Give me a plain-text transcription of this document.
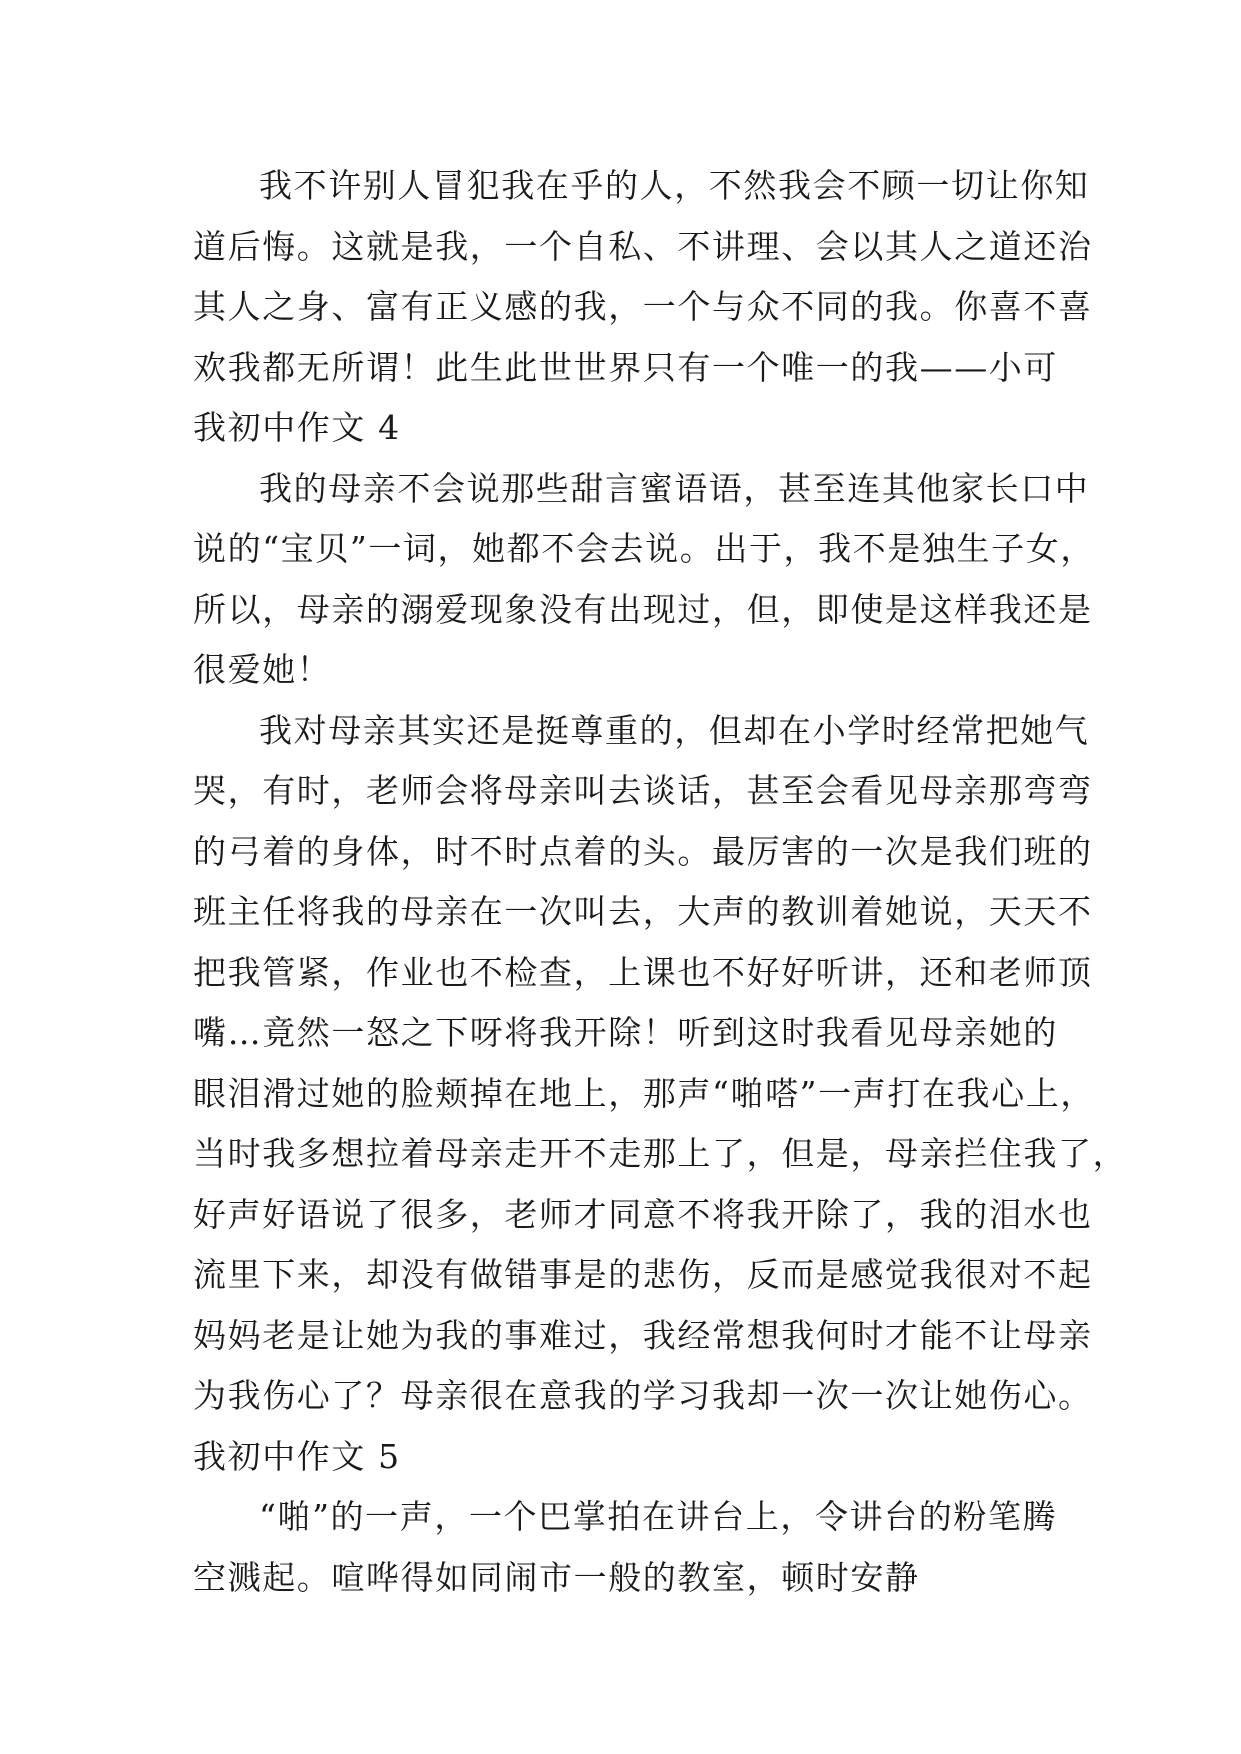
我不许别人冒犯我在乎的人，不然我会不顾一切让你知
道后悔。这就是我，一个自私、不讲理、会以其人之道还治
其人之身、富有正义感的我，一个与众不同的我。你喜不喜
欢我都无所谓！此生此世世界只有一个唯一的我——小可

我初中作文 4

我的母亲不会说那些甜言蜜语语，甚至连其他家长口中
说的“宝贝”一词，她都不会去说。出于，我不是独生子女，
所以，母亲的溺爱现象没有出现过，但，即使是这样我还是
很爱她！

我对母亲其实还是挺尊重的，但却在小学时经常把她气
哭，有时，老师会将母亲叫去谈话，甚至会看见母亲那弯弯
的弓着的身体，时不时点着的头。最厉害的一次是我们班的
班主任将我的母亲在一次叫去，大声的教训着她说，天天不
把我管紧，作业也不检查，上课也不好好听讲，还和老师顶
嘴…竟然一怒之下呀将我开除！听到这时我看见母亲她的
眼泪滑过她的脸颊掉在地上，那声“啪嗒”一声打在我心上，
当时我多想拉着母亲走开不走那上了，但是，母亲拦住我了，
好声好语说了很多，老师才同意不将我开除了，我的泪水也
流里下来，却没有做错事是的悲伤，反而是感觉我很对不起
妈妈老是让她为我的事难过，我经常想我何时才能不让母亲
为我伤心了？母亲很在意我的学习我却一次一次让她伤心。

我初中作文 5

“啪”的一声，一个巴掌拍在讲台上，令讲台的粉笔腾
空溅起。喧哗得如同闹市一般的教室，顿时安静
